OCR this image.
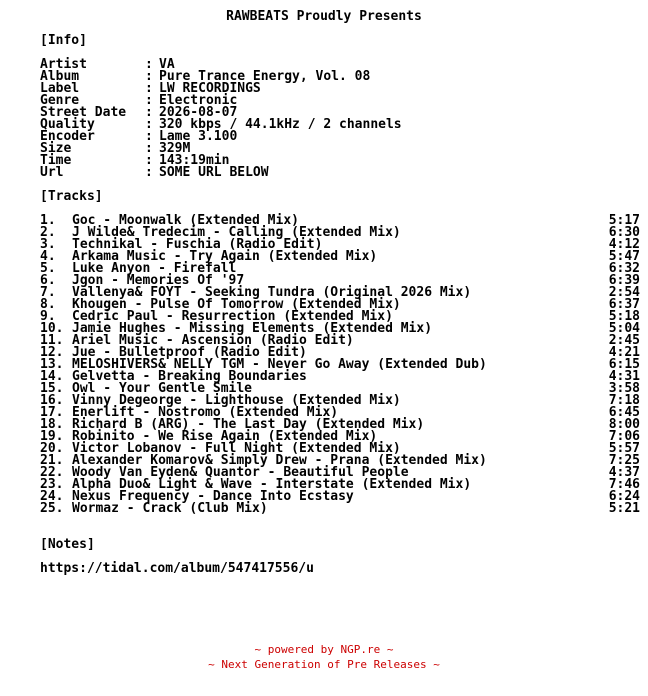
RAWBEATS Proudly Presents
[Info]
Artist	: VA
Album	: Pure Trance Energy, Vol. 08
Label	: LW RECORDINGS
Genre	: Electronic
Street Date : 2026-08-07
Quality	: 320 kbps / 44.1kHz / 2 channels
Encoder	: Lame 3.100
Size	: 329M
Time	: 143:19min
Url	: SOME URL BELOW
[Tracks]
1. Goc - Moonwalk (Extended Mix)	5:17
2. J Wilde& Tredecim - Calling (Extended Mix)	6:30
3. Technikal - Fuschia (Radio Edit)	4:12
4. Arkama Music - Try Again (Extended Mix)	5:47
5. Luke Anyon - Firefall	6:32
6. Jgon - Memories Of '97	6:39
7. Vallenya& FOYT - Seeking Tundra (Original 2026 Mix)	2:54
8. Khougen - Pulse Of Tomorrow (Extended Mix)	6:37
9. Cedric Paul - Resurrection (Extended Mix)	5:18
10. Jamie Hughes - Missing Elements (Extended Mix)	5:04
11. Ariel Music - Ascension (Radio Edit)	2:45
12. Jue - Bulletproof (Radio Edit)	4:21
13. MELOSHIVERS& NELLY TGM - Never Go Away (Extended Dub)	6:15
14. Gelvetta - Breaking Boundaries	4:31
15. Owl - Your Gentle Smile	3:58
16. Vinny Degeorge - Lighthouse (Extended Mix)	7:18
17. Enerlift - Nostromo (Extended Mix)	6:45
18. Richard B (ARG) - The Last Day (Extended Mix)	8:00
19. Robinito - We Rise Again (Extended Mix)	7:06
20. Victor Lobanov - Full Night (Extended Mix)	5:57
21. Alexander Komarov& Simply Drew - Prana (Extended Mix)	7:25
22. Woody Van Eyden& Quantor - Beautiful People	4:37
23. Alpha Duo& Light & Wave - Interstate (Extended Mix)	7:46
24. Nexus Frequency - Dance Into Ecstasy	6:24
25. Wormaz - Crack (Club Mix)	5:21
[Notes]
https://tidal.com/album/547417556/u
~ powered by NGP.re ~
~ Next Generation of Pre Releases ~
